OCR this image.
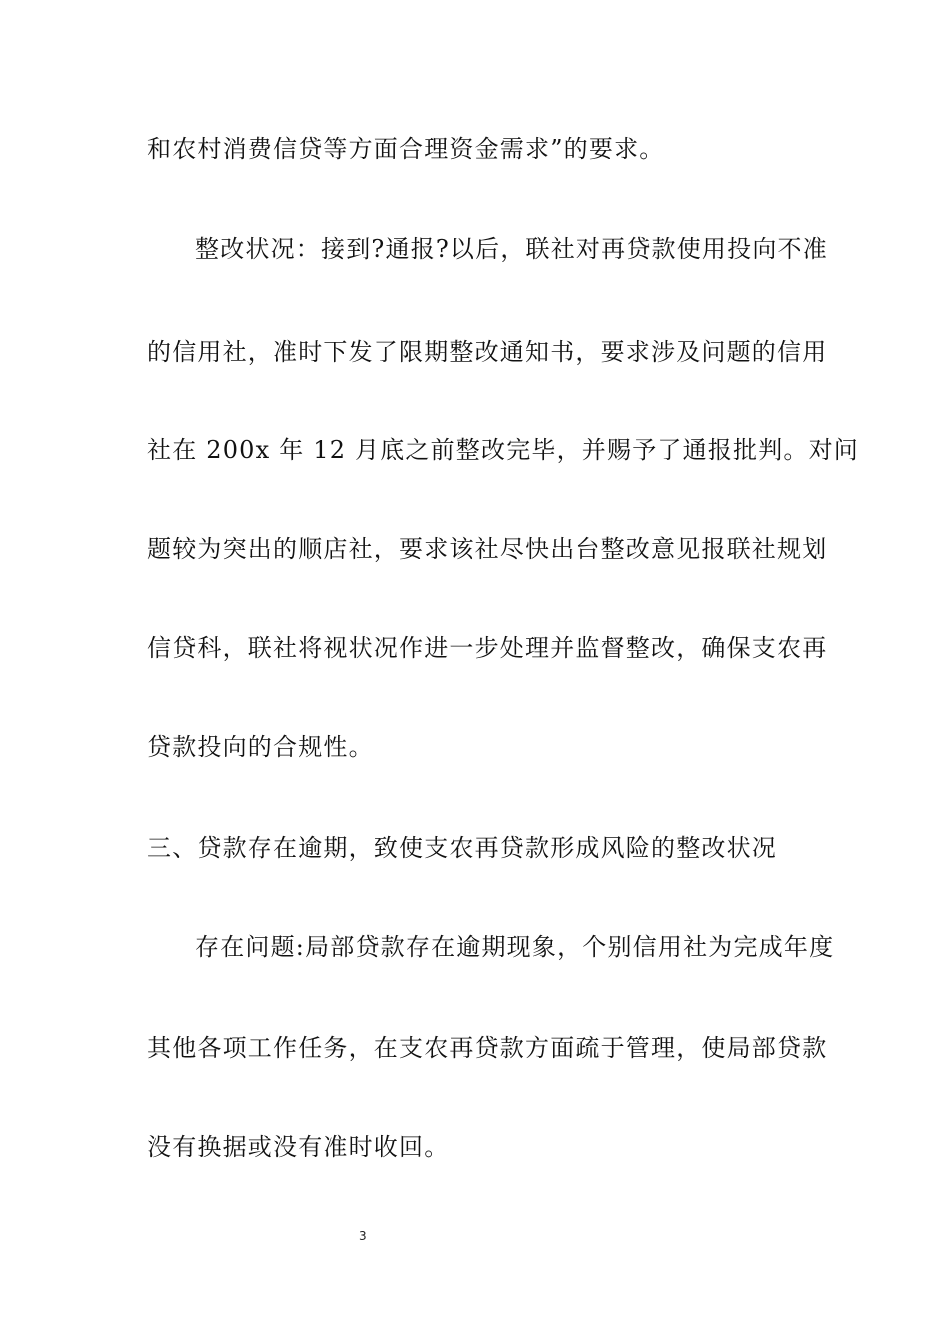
和农村消费信贷等方面合理资金需求”的要求。
整改状况：接到?通报?以后，联社对再贷款使用投向不准
的信用社，准时下发了限期整改通知书，要求涉及问题的信用
社在 200x 年 12 月底之前整改完毕，并赐予了通报批判。对问
题较为突出的顺店社，要求该社尽快出台整改意见报联社规划
信贷科，联社将视状况作进一步处理并监督整改，确保支农再
贷款投向的合规性。
三、贷款存在逾期，致使支农再贷款形成风险的整改状况
存在问题:局部贷款存在逾期现象，个别信用社为完成年度
其他各项工作任务，在支农再贷款方面疏于管理，使局部贷款
没有换据或没有准时收回。
3
